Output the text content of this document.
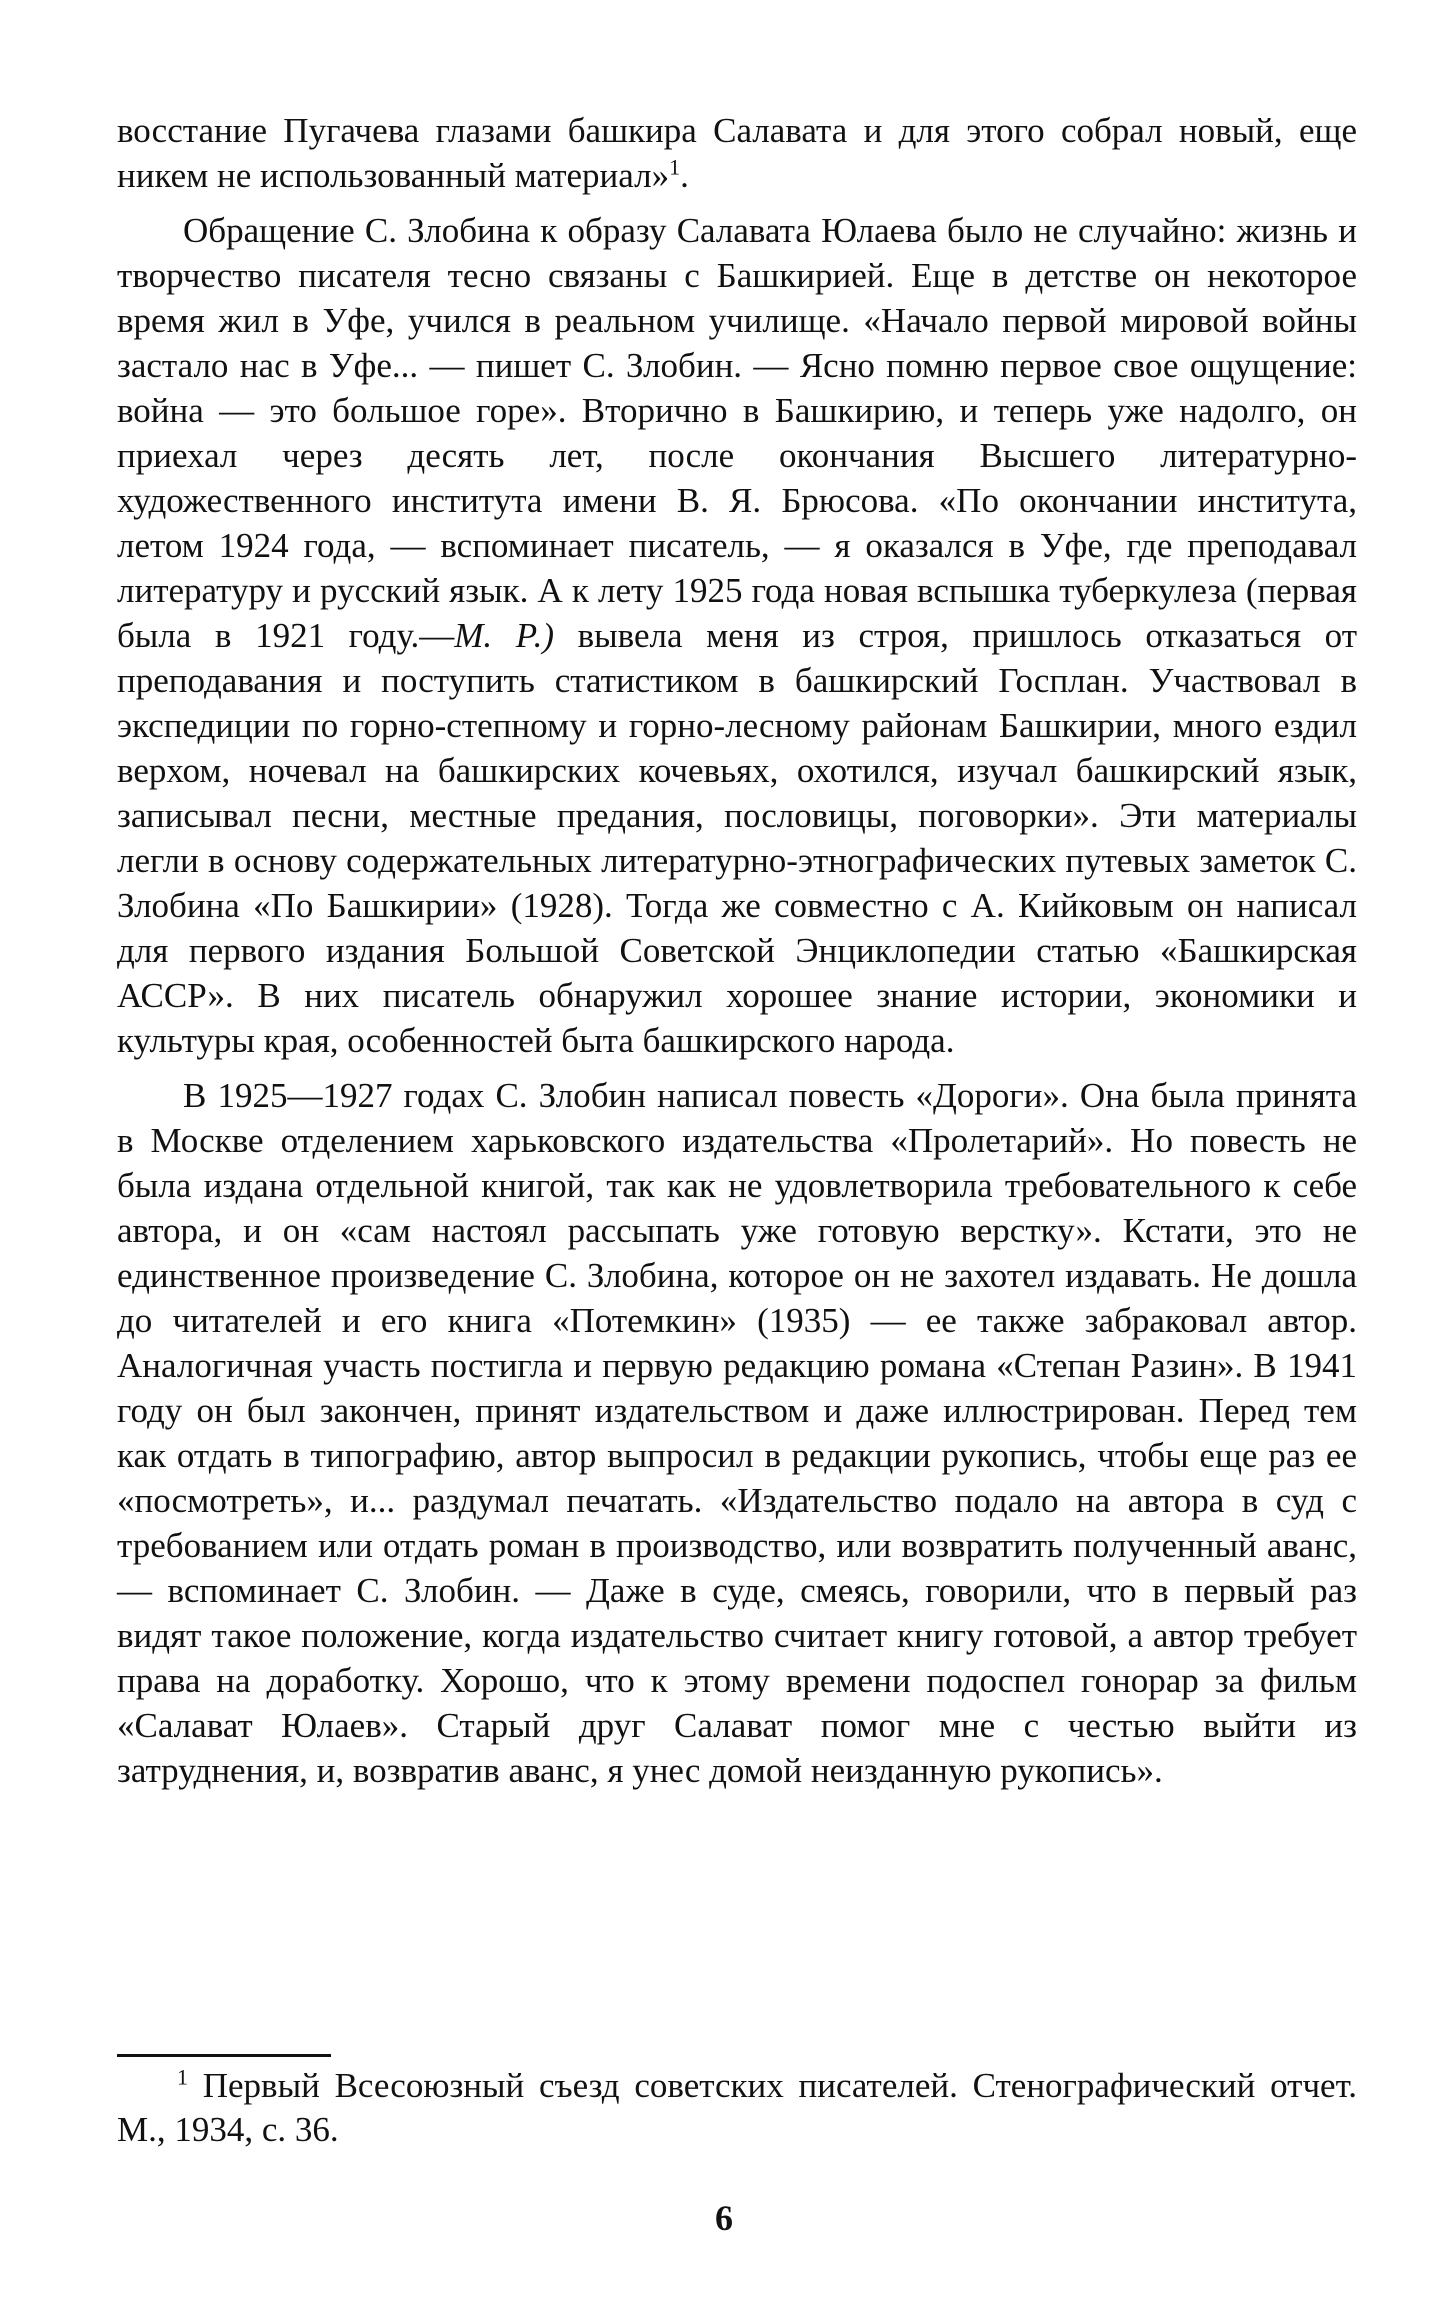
восстание Пугачева глазами башкира Салавата и для этого собрал новый, еще никем не использованный материал»$^1$.

Обращение С. Злобина к образу Салавата Юлаева было не случайно: жизнь и творчество писателя тесно связаны с Башкирией. Еще в детстве он некоторое время жил в Уфе, учился в реальном училище. «Начало первой мировой войны застало нас в Уфе... — пишет С. Злобин. — Ясно помню первое свое ощущение: война — это большое горе». Вторично в Башкирию, и теперь уже надолго, он приехал через десять лет, после окончания Высшего литературно-художественного института имени В. Я. Брюсова. «По окончании института, летом 1924 года, — вспоминает писатель, — я оказался в Уфе, где преподавал литературу и русский язык. А к лету 1925 года новая вспышка туберкулеза (первая была в 1921 году.—М. Р.) вывела меня из строя, пришлось отказаться от преподавания и поступить статистиком в башкирский Госплан. Участвовал в экспедиции по горно-степному и горно-лесному районам Башкирии, много ездил верхом, ночевал на башкирских кочевьях, охотился, изучал башкирский язык, записывал песни, местные предания, пословицы, поговорки». Эти материалы легли в основу содержательных литературно-этнографических путевых заметок С. Злобина «По Башкирии» (1928). Тогда же совместно с А. Кийковым он написал для первого издания Большой Советской Энциклопедии статью «Башкирская АССР». В них писатель обнаружил хорошее знание истории, экономики и культуры края, особенностей быта башкирского народа.

В 1925—1927 годах С. Злобин написал повесть «Дороги». Она была принята в Москве отделением харьковского издательства «Пролетарий». Но повесть не была издана отдельной книгой, так как не удовлетворила требовательного к себе автора, и он «сам настоял рассыпать уже готовую верстку». Кстати, это не единственное произведение С. Злобина, которое он не захотел издавать. Не дошла до читателей и его книга «Потемкин» (1935) — ее также забраковал автор. Аналогичная участь постигла и первую редакцию романа «Степан Разин». В 1941 году он был закончен, принят издательством и даже иллюстрирован. Перед тем как отдать в типографию, автор выпросил в редакции рукопись, чтобы еще раз ее «посмотреть», и... раздумал печатать. «Издательство подало на автора в суд с требованием или отдать роман в производство, или возвратить полученный аванс, — вспоминает С. Злобин. — Даже в суде, смеясь, говорили, что в первый раз видят такое положение, когда издательство считает книгу готовой, а автор требует права на доработку. Хорошо, что к этому времени подоспел гонорар за фильм «Салават Юлаев». Старый друг Салават помог мне с честью выйти из затруднения, и, возвратив аванс, я унес домой неизданную рукопись».

$^1$ Первый Всесоюзный съезд советских писателей. Стенографический отчет. М., 1934, с. 36.

6
